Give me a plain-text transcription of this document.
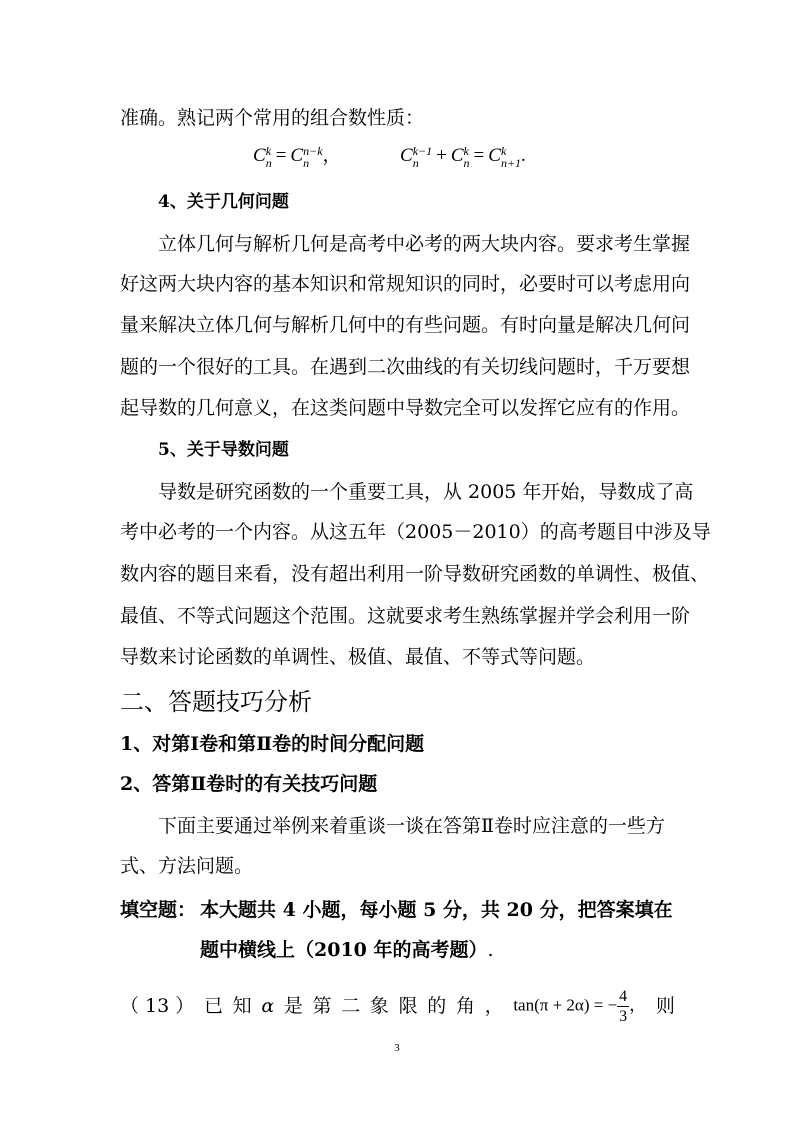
准确。熟记两个常用的组合数性质：
C k
n = C n−k
n ，	C k−1
n + C k
n = C k
n+1 .
4、关于几何问题
立体几何与解析几何是高考中必考的两大块内容。要求考生掌握
好这两大块内容的基本知识和常规知识的同时，必要时可以考虑用向
量来解决立体几何与解析几何中的有些问题。有时向量是解决几何问
题的一个很好的工具。在遇到二次曲线的有关切线问题时，千万要想
起导数的几何意义，在这类问题中导数完全可以发挥它应有的作用。
5、关于导数问题
导数是研究函数的一个重要工具，从 2005 年开始，导数成了高
考中必考的一个内容。从这五年（2005－2010）的高考题目中涉及导
数内容的题目来看，没有超出利用一阶导数研究函数的单调性、极值、
最值、不等式问题这个范围。这就要求考生熟练掌握并学会利用一阶
导数来讨论函数的单调性、极值、最值、不等式等问题。
二、答题技巧分析
1、对第Ⅰ卷和第Ⅱ卷的时间分配问题
2、答第Ⅱ卷时的有关技巧问题
下面主要通过举例来着重谈一谈在答第Ⅱ卷时应注意的一些方
式、方法问题。
填空题： 本大题共 4 小题，每小题 5 分，共 20 分，把答案填在
题中横线上（2010 年的高考题）.
（ 13 ） 已 知 α 是 第 二 象 限 的 角 ， tan(π + 2α) = − $\frac{4}{3}$ ， 则
3
